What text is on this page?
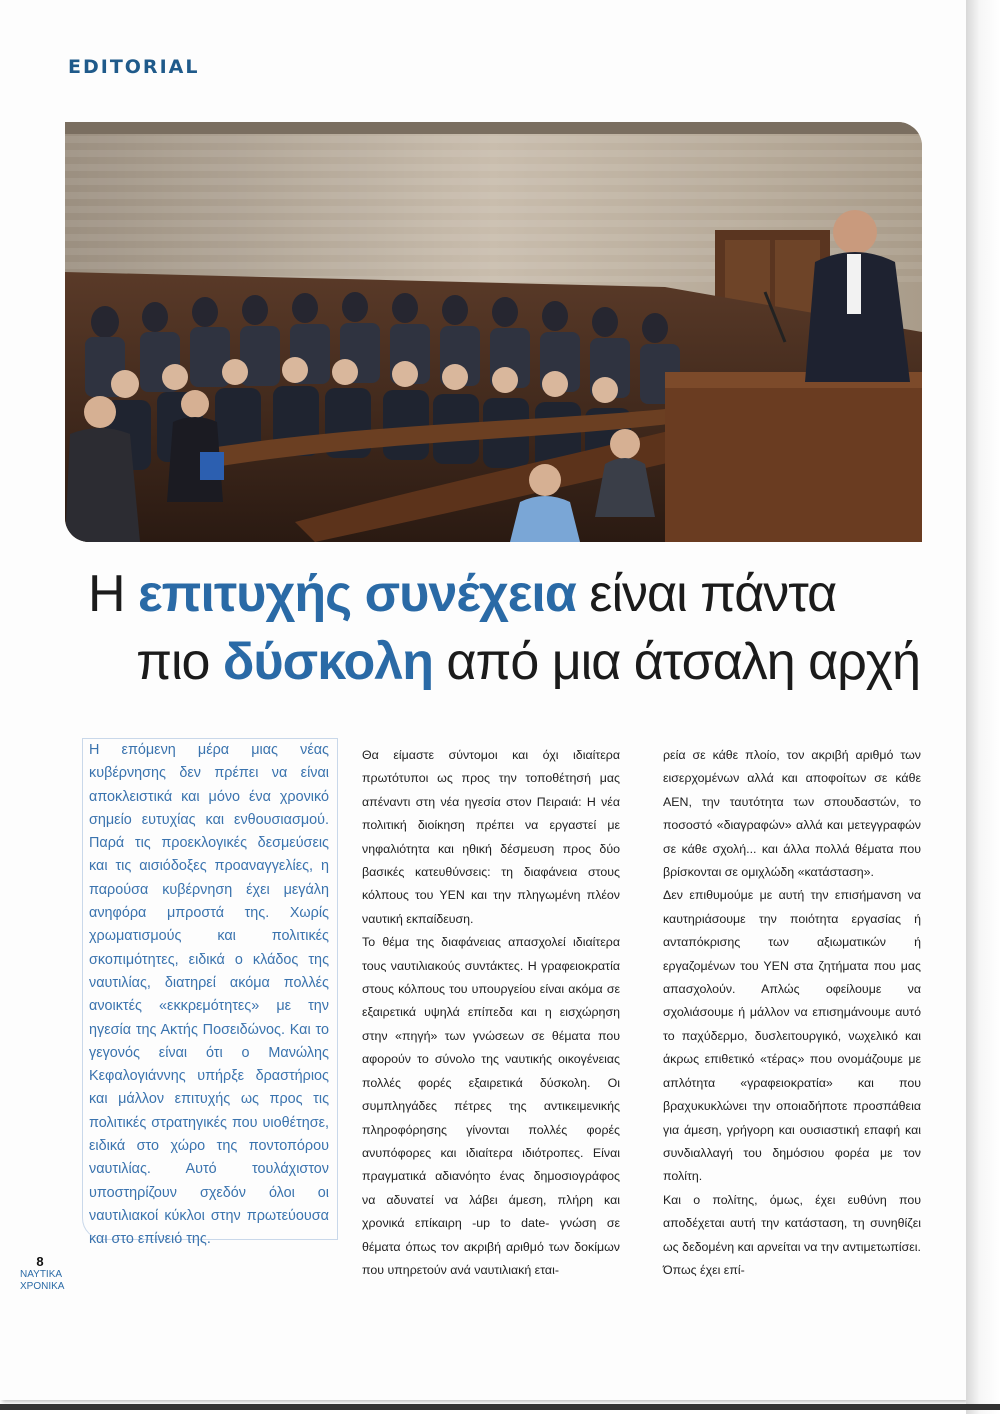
EDITORIAL
Η επιτυχής συνέχεια είναι πάντα
πιο δύσκολη από μια άτσαλη αρχή

Η επόμενη μέρα μιας νέας κυβέρνησης δεν πρέπει να είναι αποκλειστικά και μόνο ένα χρονικό σημείο ευτυχίας και ενθουσιασμού. Παρά τις προεκλογικές δεσμεύσεις και τις αισιόδοξες προαναγγελίες, η παρούσα κυβέρνηση έχει μεγάλη ανηφόρα μπροστά της. Χωρίς χρωματισμούς και πολιτικές σκοπιμότητες, ειδικά ο κλάδος της ναυτιλίας, διατηρεί ακόμα πολλές ανοικτές «εκκρεμότητες» με την ηγεσία της Ακτής Ποσειδώνος. Και το γεγονός είναι ότι ο Μανώλης Κεφαλογιάννης υπήρξε δραστήριος και μάλλον επιτυχής ως προς τις πολιτικές στρατηγικές που υιοθέτησε, ειδικά στο χώρο της ποντοπόρου ναυτιλίας. Αυτό τουλάχιστον υποστηρίζουν σχεδόν όλοι οι ναυτιλιακοί κύκλοι στην πρωτεύουσα και στο επίνειό της.

Θα είμαστε σύντομοι και όχι ιδιαίτερα πρωτότυποι ως προς την τοποθέτησή μας απέναντι στη νέα ηγεσία στον Πειραιά: Η νέα πολιτική διοίκηση πρέπει να εργαστεί με νηφαλιότητα και ηθική δέσμευση προς δύο βασικές κατευθύνσεις: τη διαφάνεια στους κόλπους του ΥΕΝ και την πληγωμένη πλέον ναυτική εκπαίδευση.

Το θέμα της διαφάνειας απασχολεί ιδιαίτερα τους ναυτιλιακούς συντάκτες. Η γραφειοκρατία στους κόλπους του υπουργείου είναι ακόμα σε εξαιρετικά υψηλά επίπεδα και η εισχώρηση στην «πηγή» των γνώσεων σε θέματα που αφορούν το σύνολο της ναυτικής οικογένειας πολλές φορές εξαιρετικά δύσκολη. Οι συμπληγάδες πέτρες της αντικειμενικής πληροφόρησης γίνονται πολλές φορές ανυπόφορες και ιδιαίτερα ιδιότροπες. Είναι πραγματικά αδιανόητο ένας δημοσιογράφος να αδυνατεί να λάβει άμεση, πλήρη και χρονικά επίκαιρη -up to date- γνώση σε θέματα όπως τον ακριβή αριθμό των δοκίμων που υπηρετούν ανά ναυτιλιακή εται-

ρεία σε κάθε πλοίο, τον ακριβή αριθμό των εισερχομένων αλλά και αποφοίτων σε κάθε ΑΕΝ, την ταυτότητα των σπουδαστών, το ποσοστό «διαγραφών» αλλά και μετεγγραφών σε κάθε σχολή... και άλλα πολλά θέματα που βρίσκονται σε ομιχλώδη «κατάσταση».

Δεν επιθυμούμε με αυτή την επισήμανση να καυτηριάσουμε την ποιότητα εργασίας ή ανταπόκρισης των αξιωματικών ή εργαζομένων του ΥΕΝ στα ζητήματα που μας απασχολούν. Απλώς οφείλουμε να σχολιάσουμε ή μάλλον να επισημάνουμε αυτό το παχύδερμο, δυσλειτουργικό, νωχελικό και άκρως επιθετικό «τέρας» που ονομάζουμε με απλότητα «γραφειοκρατία» και που βραχυκυκλώνει την οποιαδήποτε προσπάθεια για άμεση, γρήγορη και ουσιαστική επαφή και συνδιαλλαγή του δημόσιου φορέα με τον πολίτη.

Και ο πολίτης, όμως, έχει ευθύνη που αποδέχεται αυτή την κατάσταση, τη συνηθίζει ως δεδομένη και αρνείται να την αντιμετωπίσει. Όπως έχει επί-

8
ΝΑΥΤΙΚΑ
ΧΡΟΝΙΚΑ
